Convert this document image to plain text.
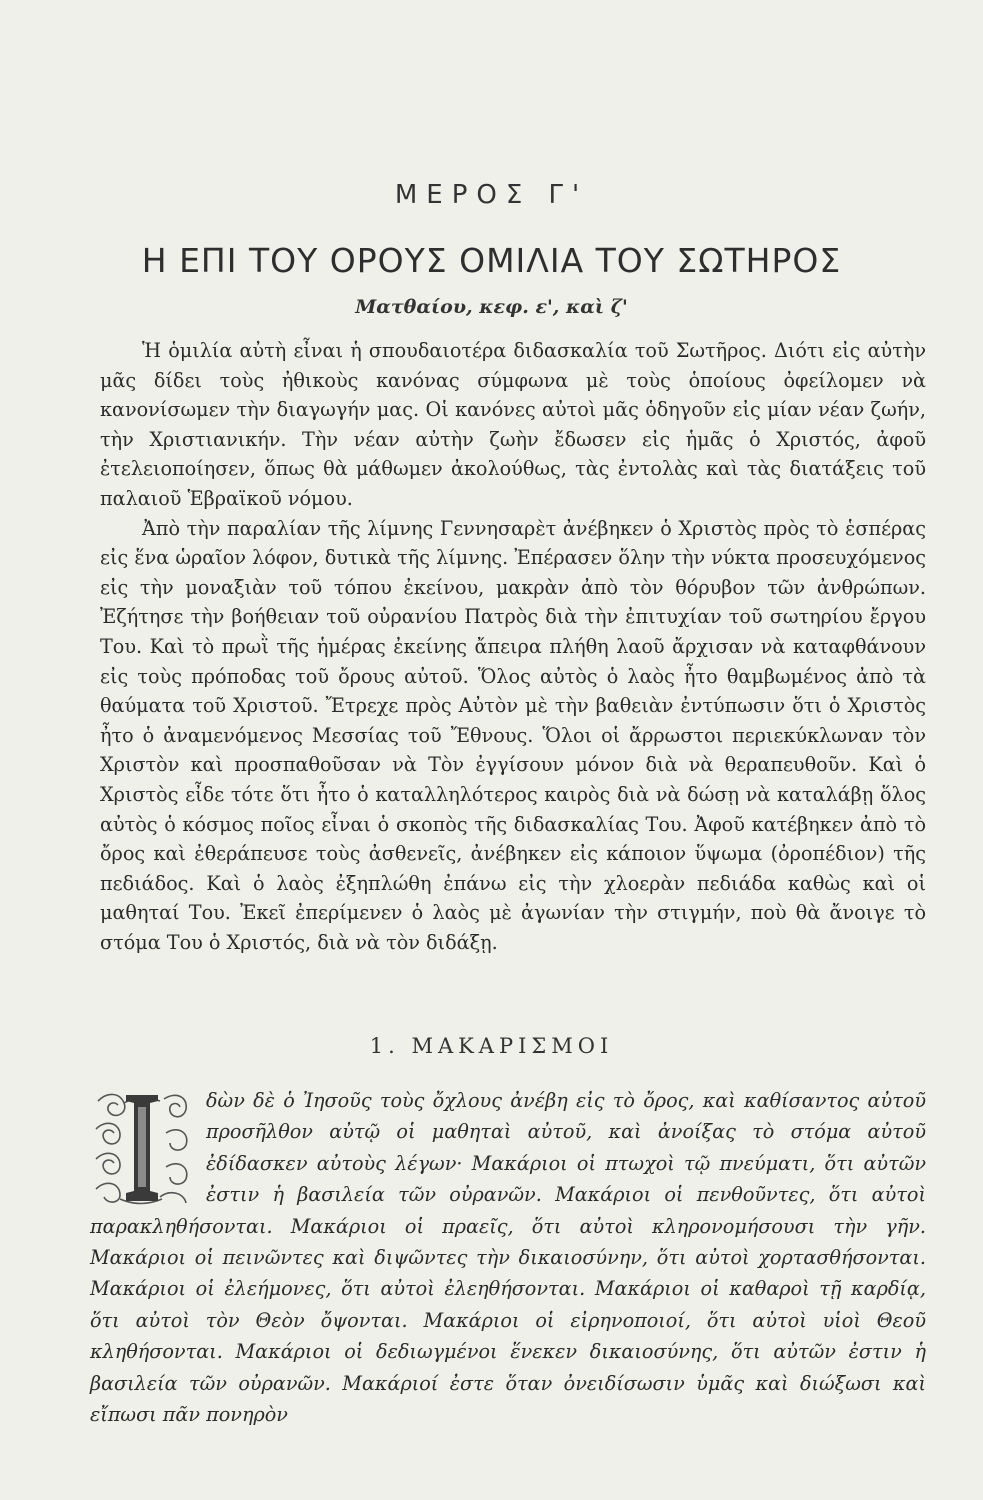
ΜΕΡΟΣ Γ'
Η ΕΠΙ ΤΟΥ ΟΡΟΥΣ ΟΜΙΛΙΑ ΤΟΥ ΣΩΤΗΡΟΣ
Ματθαίου, κεφ. ε', καὶ ζ'

Ἡ ὁμιλία αὐτὴ εἶναι ἡ σπουδαιοτέρα διδασκαλία τοῦ Σωτῆρος. Διότι εἰς αὐτὴν μᾶς δίδει τοὺς ἠθικοὺς κανόνας σύμφωνα μὲ τοὺς ὁποίους ὀφείλομεν νὰ κανονίσωμεν τὴν διαγωγήν μας. Οἱ κανόνες αὐτοὶ μᾶς ὁδηγοῦν εἰς μίαν νέαν ζωήν, τὴν Χριστιανικήν. Τὴν νέαν αὐτὴν ζωὴν ἔδωσεν εἰς ἡμᾶς ὁ Χριστός, ἀφοῦ ἐτελειοποίησεν, ὅπως θὰ μάθωμεν ἀκολούθως, τὰς ἐντολὰς καὶ τὰς διατάξεις τοῦ παλαιοῦ Ἑβραϊκοῦ νόμου.

Ἀπὸ τὴν παραλίαν τῆς λίμνης Γεννησαρὲτ ἀνέβηκεν ὁ Χριστὸς πρὸς τὸ ἑσπέρας εἰς ἕνα ὡραῖον λόφον, δυτικὰ τῆς λίμνης. Ἐπέρασεν ὅλην τὴν νύκτα προσευχόμενος εἰς τὴν μοναξιὰν τοῦ τόπου ἐκείνου, μακρὰν ἀπὸ τὸν θόρυβον τῶν ἀνθρώπων. Ἐζήτησε τὴν βοήθειαν τοῦ οὐρανίου Πατρὸς διὰ τὴν ἐπιτυχίαν τοῦ σωτηρίου ἔργου Του. Καὶ τὸ πρωῒ τῆς ἡμέρας ἐκείνης ἄπειρα πλήθη λαοῦ ἄρχισαν νὰ καταφθάνουν εἰς τοὺς πρόποδας τοῦ ὄρους αὐτοῦ. Ὅλος αὐτὸς ὁ λαὸς ἦτο θαμβωμένος ἀπὸ τὰ θαύματα τοῦ Χριστοῦ. Ἔτρεχε πρὸς Αὐτὸν μὲ τὴν βαθειὰν ἐντύπωσιν ὅτι ὁ Χριστὸς ἦτο ὁ ἀναμενόμενος Μεσσίας τοῦ Ἔθνους. Ὅλοι οἱ ἄρρωστοι περιεκύκλωναν τὸν Χριστὸν καὶ προσπαθοῦσαν νὰ Τὸν ἐγγίσουν μόνον διὰ νὰ θεραπευθοῦν. Καὶ ὁ Χριστὸς εἶδε τότε ὅτι ἦτο ὁ καταλληλότερος καιρὸς διὰ νὰ δώσῃ νὰ καταλάβῃ ὅλος αὐτὸς ὁ κόσμος ποῖος εἶναι ὁ σκοπὸς τῆς διδασκαλίας Του. Ἀφοῦ κατέβηκεν ἀπὸ τὸ ὄρος καὶ ἐθεράπευσε τοὺς ἀσθενεῖς, ἀνέβηκεν εἰς κάποιον ὕψωμα (ὀροπέδιον) τῆς πεδιάδος. Καὶ ὁ λαὸς ἐξηπλώθη ἐπάνω εἰς τὴν χλοερὰν πεδιάδα καθὼς καὶ οἱ μαθηταί Του. Ἐκεῖ ἐπερίμενεν ὁ λαὸς μὲ ἀγωνίαν τὴν στιγμήν, ποὺ θὰ ἄνοιγε τὸ στόμα Του ὁ Χριστός, διὰ νὰ τὸν διδάξῃ.

1. ΜΑΚΑΡΙΣΜΟΙ
δὼν δὲ ὁ Ἰησοῦς τοὺς ὄχλους ἀνέβη εἰς τὸ ὄρος, καὶ καθίσαντος αὐτοῦ προσῆλθον αὐτῷ οἱ μαθηταὶ αὐτοῦ, καὶ ἀνοίξας τὸ στόμα αὐτοῦ ἐδίδασκεν αὐτοὺς λέγων· Μακάριοι οἱ πτωχοὶ τῷ πνεύματι, ὅτι αὐτῶν ἐστιν ἡ βασιλεία τῶν οὐρανῶν. Μακάριοι οἱ πενθοῦντες, ὅτι αὐτοὶ παρακληθήσονται. Μακάριοι οἱ πραεῖς, ὅτι αὐτοὶ κληρονομήσουσι τὴν γῆν. Μακάριοι οἱ πεινῶντες καὶ διψῶντες τὴν δικαιοσύνην, ὅτι αὐτοὶ χορτασθήσονται. Μακάριοι οἱ ἐλεήμονες, ὅτι αὐτοὶ ἐλεηθήσονται. Μακάριοι οἱ καθαροὶ τῇ καρδίᾳ, ὅτι αὐτοὶ τὸν Θεὸν ὄψονται. Μακάριοι οἱ εἰρηνοποιοί, ὅτι αὐτοὶ υἱοὶ Θεοῦ κληθήσονται. Μακάριοι οἱ δεδιωγμένοι ἕνεκεν δικαιοσύνης, ὅτι αὐτῶν ἐστιν ἡ βασιλεία τῶν οὐρανῶν. Μακάριοί ἐστε ὅταν ὀνειδίσωσιν ὑμᾶς καὶ διώξωσι καὶ εἴπωσι πᾶν πονηρὸν
